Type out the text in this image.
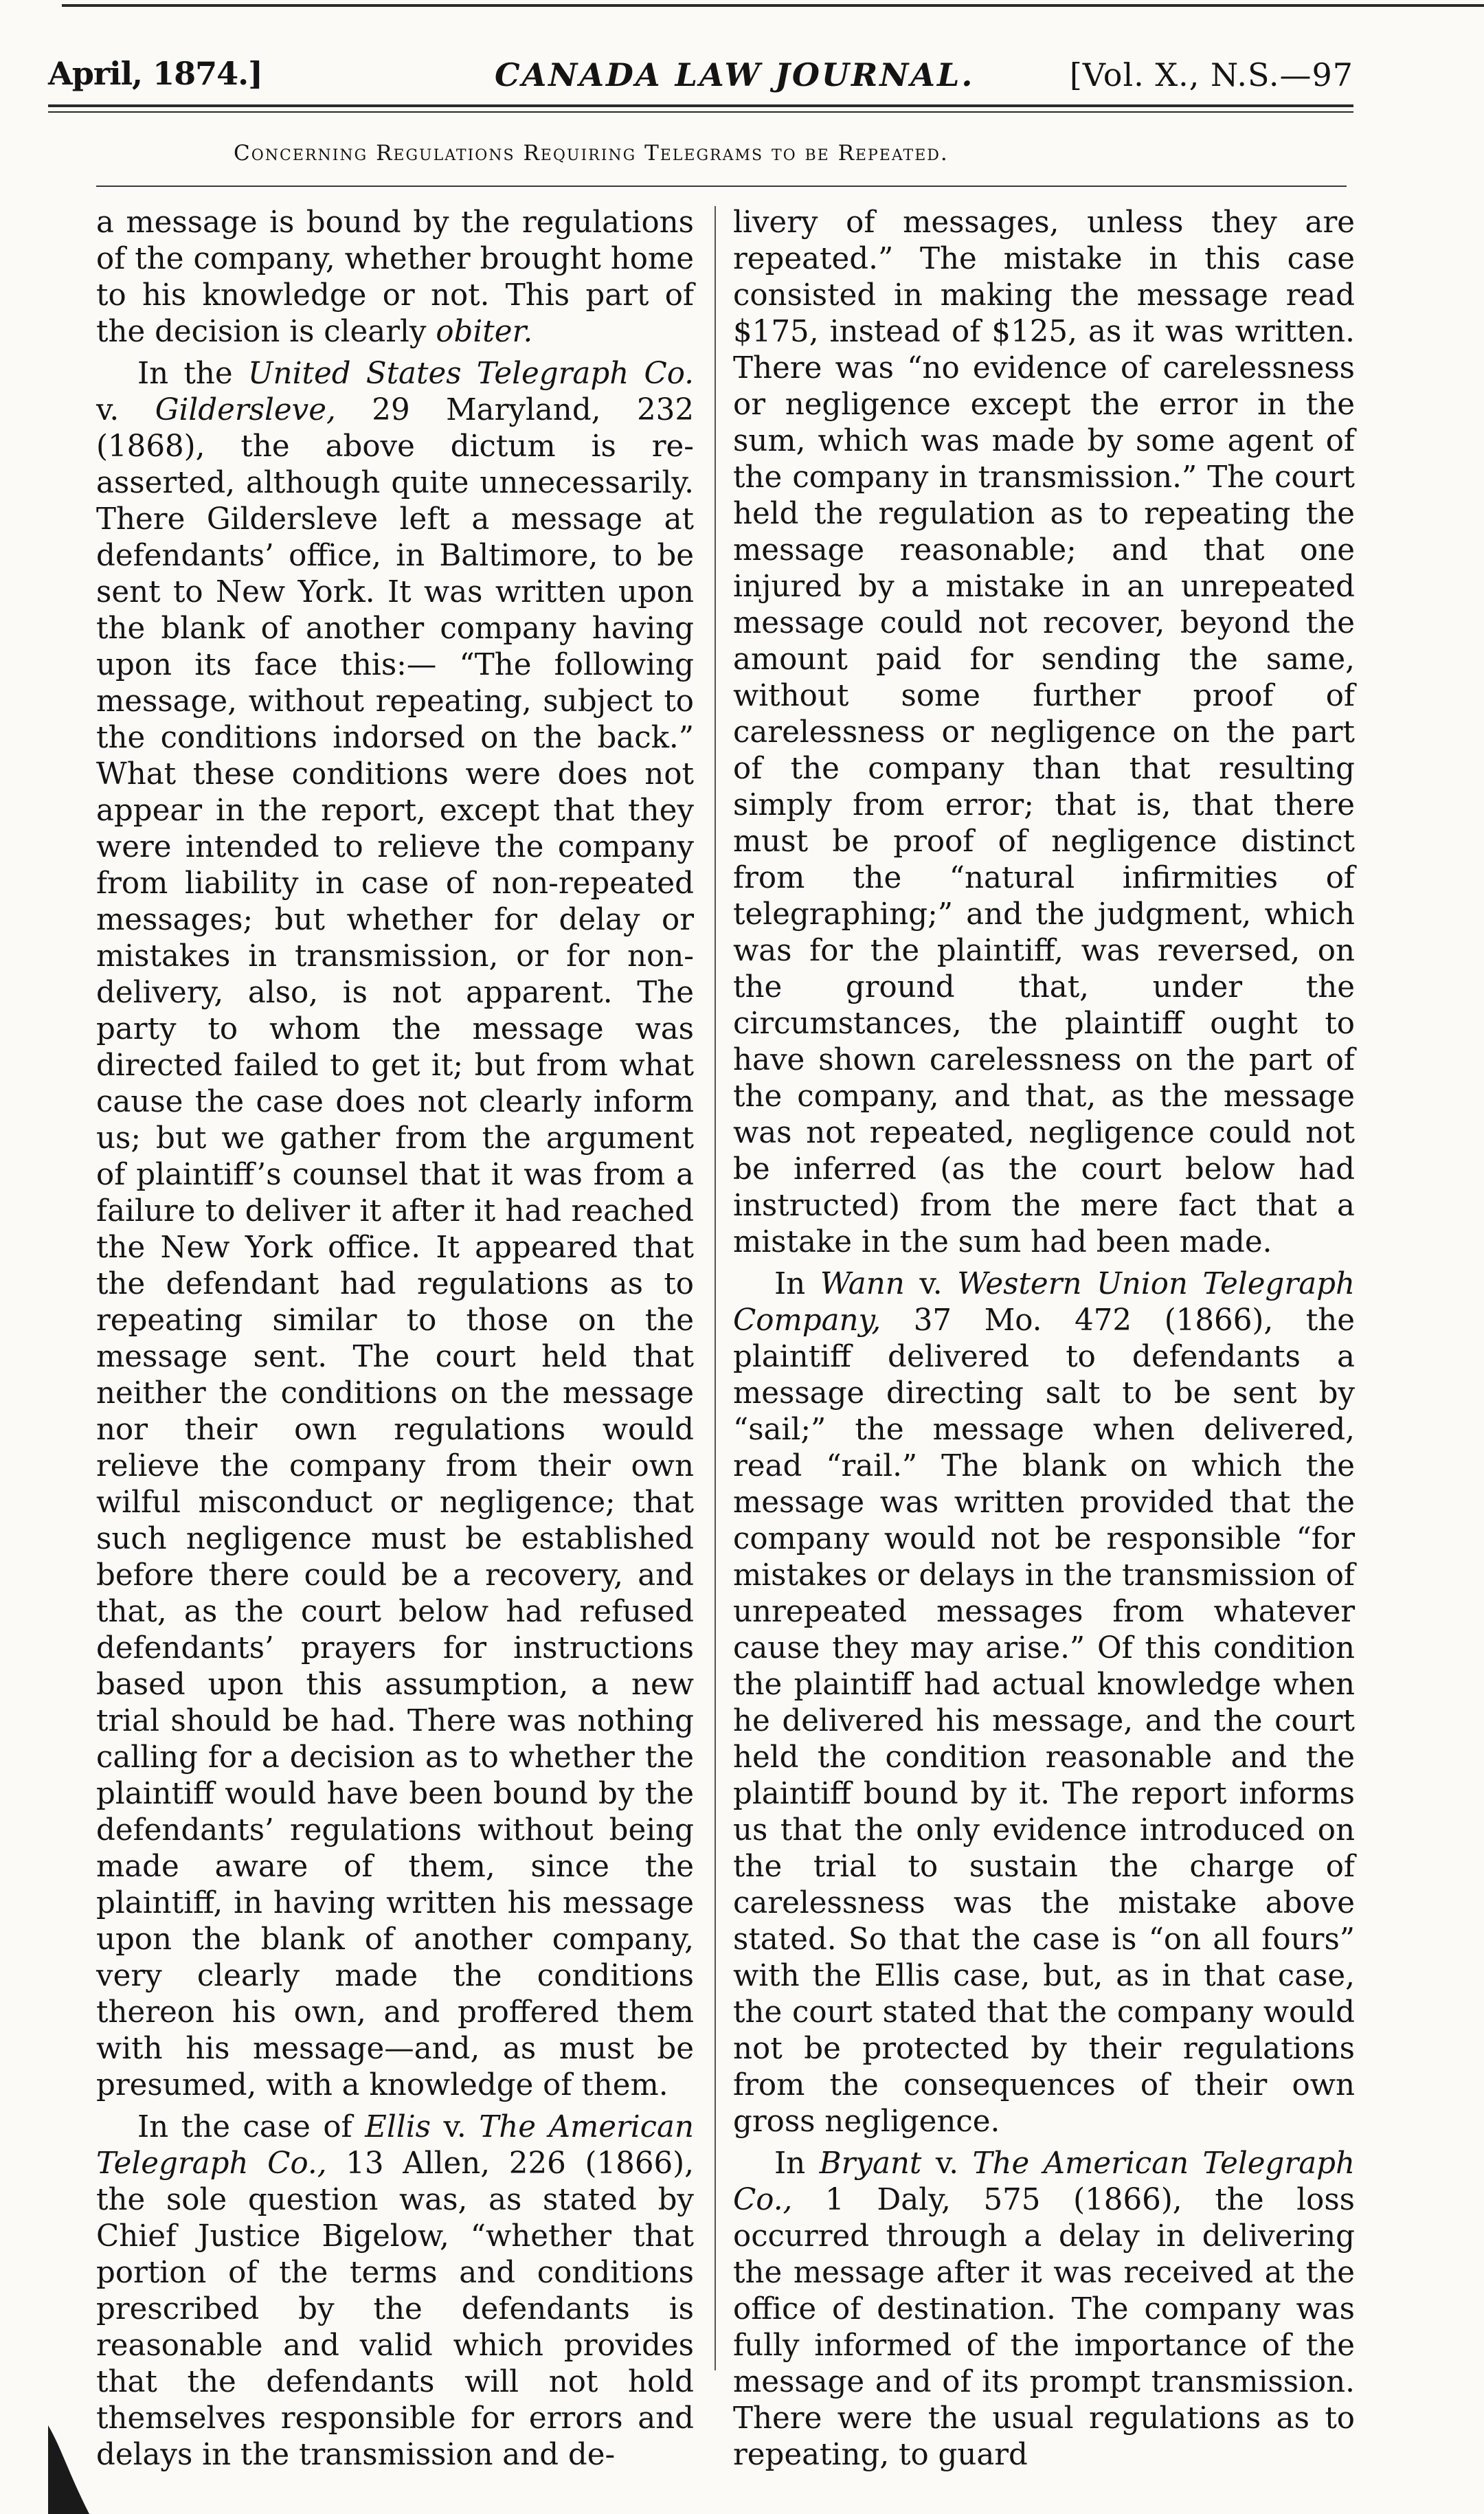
April, 1874.]	CANADA LAW JOURNAL.	[Vol. X., N.S.—97
Concerning Regulations Requiring Telegrams to be Repeated.

a message is bound by the regulations of the company, whether brought home to his knowledge or not. This part of the decision is clearly obiter.

In the United States Telegraph Co. v. Gildersleve, 29 Maryland, 232 (1868), the above dictum is re-asserted, although quite unnecessarily. There Gildersleve left a message at defendants’ office, in Baltimore, to be sent to New York. It was written upon the blank of another company having upon its face this:— “The following message, without repeating, subject to the conditions indorsed on the back.” What these conditions were does not appear in the report, except that they were intended to relieve the company from liability in case of non-repeated messages; but whether for delay or mistakes in transmission, or for non-delivery, also, is not apparent. The party to whom the message was directed failed to get it; but from what cause the case does not clearly inform us; but we gather from the argument of plaintiff’s counsel that it was from a failure to deliver it after it had reached the New York office. It appeared that the defendant had regulations as to repeating similar to those on the message sent. The court held that neither the conditions on the message nor their own regulations would relieve the company from their own wilful misconduct or negligence; that such negligence must be established before there could be a recovery, and that, as the court below had refused defendants’ prayers for instructions based upon this assumption, a new trial should be had. There was nothing calling for a decision as to whether the plaintiff would have been bound by the defendants’ regulations without being made aware of them, since the plaintiff, in having written his message upon the blank of another company, very clearly made the conditions thereon his own, and proffered them with his message—and, as must be presumed, with a knowledge of them.

In the case of Ellis v. The American Telegraph Co., 13 Allen, 226 (1866), the sole question was, as stated by Chief Justice Bigelow, “whether that portion of the terms and conditions prescribed by the defendants is reasonable and valid which provides that the defendants will not hold themselves responsible for errors and delays in the transmission and de-

livery of messages, unless they are repeated.” The mistake in this case consisted in making the message read $175, instead of $125, as it was written. There was “no evidence of carelessness or negligence except the error in the sum, which was made by some agent of the company in transmission.” The court held the regulation as to repeating the message reasonable; and that one injured by a mistake in an unrepeated message could not recover, beyond the amount paid for sending the same, without some further proof of carelessness or negligence on the part of the company than that resulting simply from error; that is, that there must be proof of negligence distinct from the “natural infirmities of telegraphing;” and the judgment, which was for the plaintiff, was reversed, on the ground that, under the circumstances, the plaintiff ought to have shown carelessness on the part of the company, and that, as the message was not repeated, negligence could not be inferred (as the court below had instructed) from the mere fact that a mistake in the sum had been made.

In Wann v. Western Union Telegraph Company, 37 Mo. 472 (1866), the plaintiff delivered to defendants a message directing salt to be sent by “sail;” the message when delivered, read “rail.” The blank on which the message was written provided that the company would not be responsible “for mistakes or delays in the transmission of unrepeated messages from whatever cause they may arise.” Of this condition the plaintiff had actual knowledge when he delivered his message, and the court held the condition reasonable and the plaintiff bound by it. The report informs us that the only evidence introduced on the trial to sustain the charge of carelessness was the mistake above stated. So that the case is “on all fours” with the Ellis case, but, as in that case, the court stated that the company would not be protected by their regulations from the consequences of their own gross negligence.

In Bryant v. The American Telegraph Co., 1 Daly, 575 (1866), the loss occurred through a delay in delivering the message after it was received at the office of destination. The company was fully informed of the importance of the message and of its prompt transmission. There were the usual regulations as to repeating, to guard
